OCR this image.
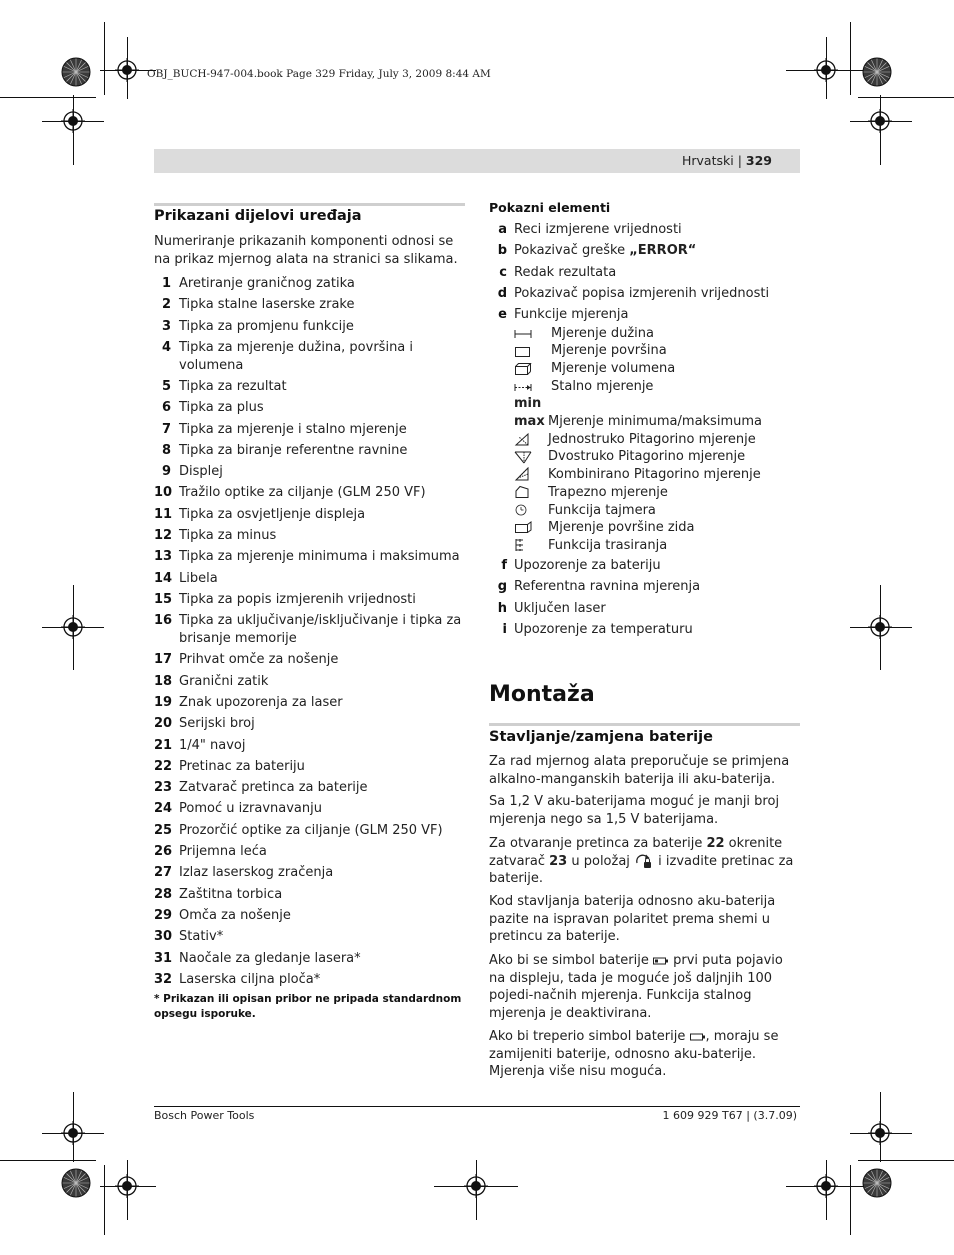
OBJ_BUCH-947-004.book Page 329 Friday, July 3, 2009 8:44 AM
Hrvatski | 329
Prikazani dijelovi uređaja

Numeriranje prikazanih komponenti odnosi se na prikaz mjernog alata na stranici sa slikama.

1 Aretiranje graničnog zatika
2 Tipka stalne laserske zrake
3 Tipka za promjenu funkcije
4 Tipka za mjerenje dužina, površina i volumena
5 Tipka za rezultat
6 Tipka za plus
7 Tipka za mjerenje i stalno mjerenje
8 Tipka za biranje referentne ravnine
9 Displej
10 Tražilo optike za ciljanje (GLM 250 VF)
11 Tipka za osvjetljenje displeja
12 Tipka za minus
13 Tipka za mjerenje minimuma i maksimuma
14 Libela
15 Tipka za popis izmjerenih vrijednosti
16 Tipka za uključivanje/isključivanje i tipka za brisanje memorije
17 Prihvat omče za nošenje
18 Granični zatik
19 Znak upozorenja za laser
20 Serijski broj
21 1/4" navoj
22 Pretinac za bateriju
23 Zatvarač pretinca za baterije
24 Pomoć u izravnavanju
25 Prozorčić optike za ciljanje (GLM 250 VF)
26 Prijemna leća
27 Izlaz laserskog zračenja
28 Zaštitna torbica
29 Omča za nošenje
30 Stativ*
31 Naočale za gledanje lasera*
32 Laserska ciljna ploča*
* Prikazan ili opisan pribor ne pripada standardnom opsegu isporuke.
Pokazni elementi
a Reci izmjerene vrijednosti
b Pokazivač greške „ERROR“
c Redak rezultata
d Pokazivač popisa izmjerenih vrijednosti
e Funkcije mjerenja
Mjerenje dužina
Mjerenje površina
Mjerenje volumena
Stalno mjerenje
min
max Mjerenje minimuma/maksimuma
Jednostruko Pitagorino mjerenje
Dvostruko Pitagorino mjerenje
Kombinirano Pitagorino mjerenje
Trapezno mjerenje
Funkcija tajmera
Mjerenje površine zida
Funkcija trasiranja
f Upozorenje za bateriju
g Referentna ravnina mjerenja
h Uključen laser
i Upozorenje za temperaturu
Montaža
Stavljanje/zamjena baterije

Za rad mjernog alata preporučuje se primjena alkalno-manganskih baterija ili aku-baterija.

Sa 1,2 V aku-baterijama moguć je manji broj mjerenja nego sa 1,5 V baterijama.

Za otvaranje pretinca za baterije 22 okrenite zatvarač 23 u položaj  i izvadite pretinac za baterije.

Kod stavljanja baterija odnosno aku-baterija pazite na ispravan polaritet prema shemi u pretincu za baterije.

Ako bi se simbol baterije  prvi puta pojavio na displeju, tada je moguće još daljnjih 100 pojedi-načnih mjerenja. Funkcija stalnog mjerenja je deaktivirana.

Ako bi treperio simbol baterije , moraju se zamijeniti baterije, odnosno aku-baterije. Mjerenja više nisu moguća.

Bosch Power Tools	1 609 929 T67 | (3.7.09)
